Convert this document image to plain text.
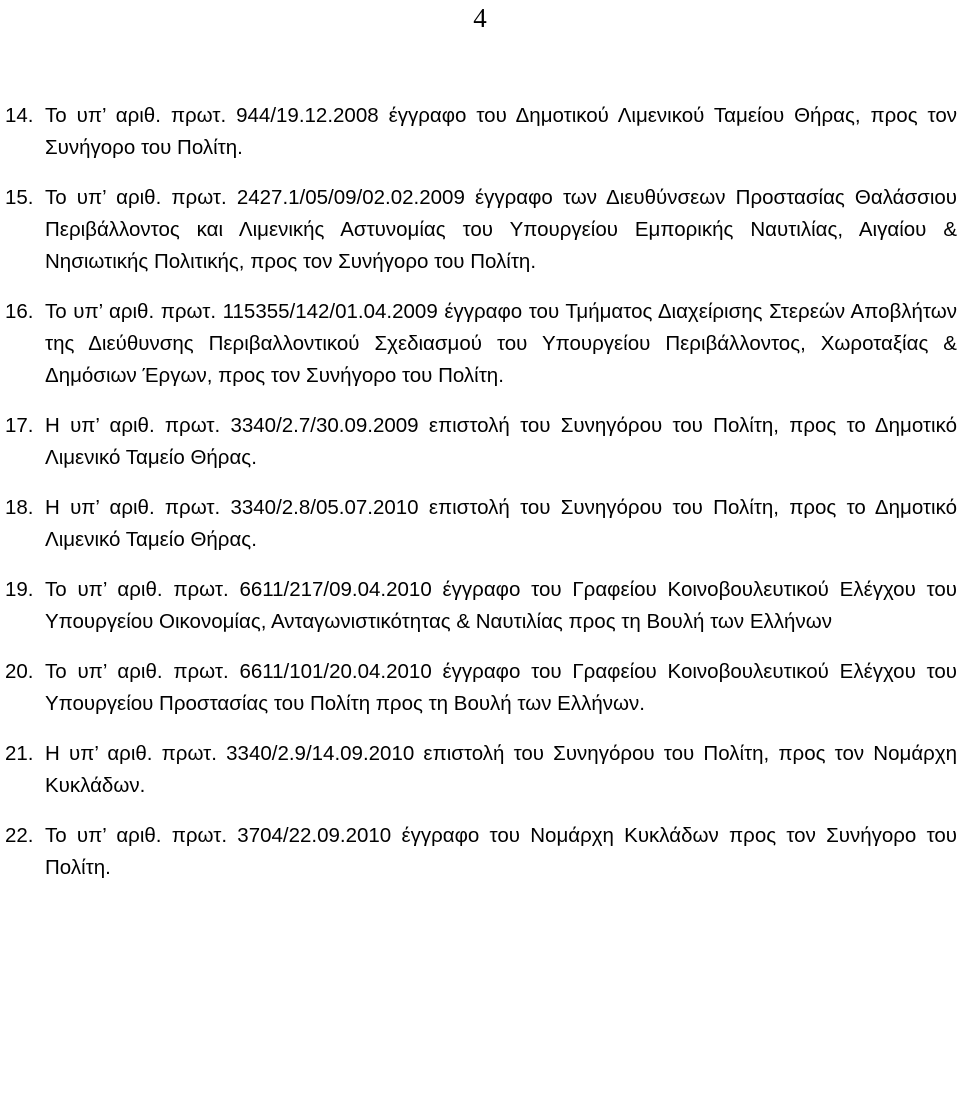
4
14. Το υπ’ αριθ. πρωτ. 944/19.12.2008 έγγραφο του Δημοτικού Λιμενικού Ταμείου Θήρας, προς τον Συνήγορο του Πολίτη.
15. Το υπ’ αριθ. πρωτ. 2427.1/05/09/02.02.2009 έγγραφο των Διευθύνσεων Προστασίας Θαλάσσιου Περιβάλλοντος και Λιμενικής Αστυνομίας του Υπουργείου Εμπορικής Ναυτιλίας, Αιγαίου & Νησιωτικής Πολιτικής, προς τον Συνήγορο του Πολίτη.
16. Το υπ’ αριθ. πρωτ. 115355/142/01.04.2009 έγγραφο του Τμήματος Διαχείρισης Στερεών Αποβλήτων της Διεύθυνσης Περιβαλλοντικού Σχεδιασμού του Υπουργείου Περιβάλλοντος, Χωροταξίας & Δημόσιων Έργων, προς τον Συνήγορο του Πολίτη.
17. Η υπ’ αριθ. πρωτ. 3340/2.7/30.09.2009 επιστολή του Συνηγόρου του Πολίτη, προς το Δημοτικό Λιμενικό Ταμείο Θήρας.
18. Η υπ’ αριθ. πρωτ. 3340/2.8/05.07.2010 επιστολή του Συνηγόρου του Πολίτη, προς το Δημοτικό Λιμενικό Ταμείο Θήρας.
19. Το υπ’ αριθ. πρωτ. 6611/217/09.04.2010 έγγραφο του Γραφείου Κοινοβουλευτικού Ελέγχου του Υπουργείου Οικονομίας, Ανταγωνιστικότητας & Ναυτιλίας προς τη Βουλή των Ελλήνων
20. Το υπ’ αριθ. πρωτ. 6611/101/20.04.2010 έγγραφο του Γραφείου Κοινοβουλευτικού Ελέγχου του Υπουργείου Προστασίας του Πολίτη προς τη Βουλή των Ελλήνων.
21. Η υπ’ αριθ. πρωτ. 3340/2.9/14.09.2010 επιστολή του Συνηγόρου του Πολίτη, προς τον Νομάρχη Κυκλάδων.
22. Το υπ’ αριθ. πρωτ. 3704/22.09.2010 έγγραφο του Νομάρχη Κυκλάδων προς τον Συνήγορο του Πολίτη.
